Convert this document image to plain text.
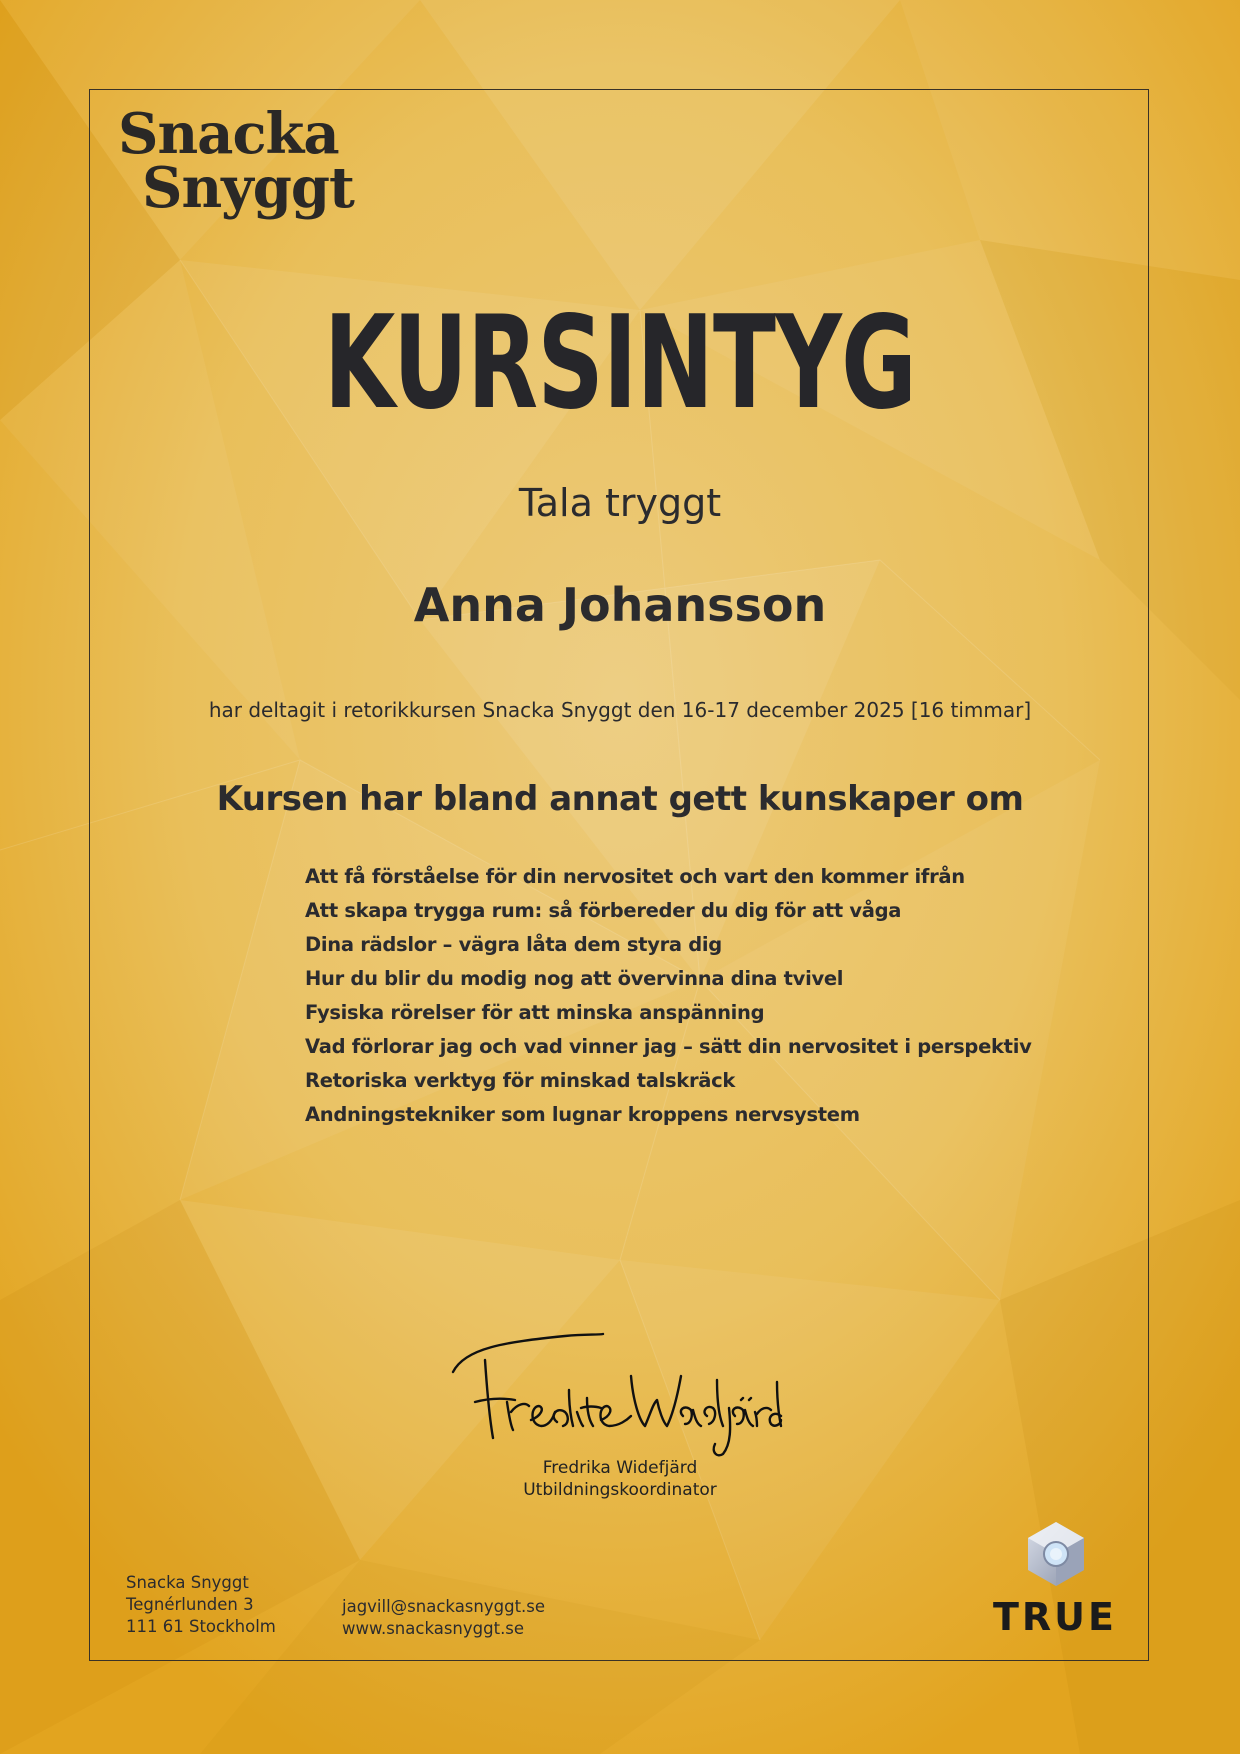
Snacka
Snyggt
KURSINTYG
Tala tryggt
Anna Johansson
har deltagit i retorikkursen Snacka Snyggt den 16-17 december 2025 [16 timmar]
Kursen har bland annat gett kunskaper om
Att få förståelse för din nervositet och vart den kommer ifrån
Att skapa trygga rum: så förbereder du dig för att våga
Dina rädslor – vägra låta dem styra dig
Hur du blir du modig nog att övervinna dina tvivel
Fysiska rörelser för att minska anspänning
Vad förlorar jag och vad vinner jag – sätt din nervositet i perspektiv
Retoriska verktyg för minskad talskräck
Andningstekniker som lugnar kroppens nervsystem
Fredrika Widefjärd
Utbildningskoordinator
Snacka Snyggt
Tegnérlunden 3
111 61 Stockholm
jagvill@snackasnyggt.se
www.snackasnyggt.se	TRUE
